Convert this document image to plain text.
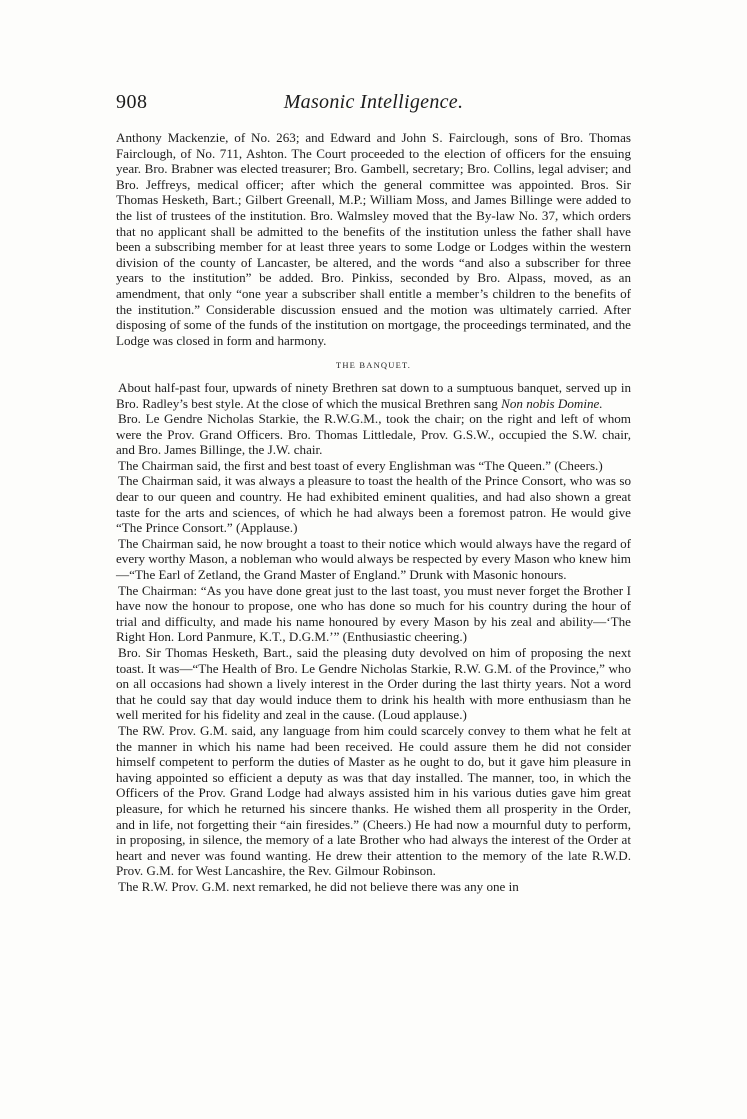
908	Masonic Intelligence.

Anthony Mackenzie, of No. 263; and Edward and John S. Fairclough, sons of Bro. Thomas Fairclough, of No. 711, Ashton. The Court proceeded to the election of officers for the ensuing year. Bro. Brabner was elected treasurer; Bro. Gambell, secretary; Bro. Collins, legal adviser; and Bro. Jeffreys, medical officer; after which the general committee was appointed. Bros. Sir Thomas Hesketh, Bart.; Gilbert Greenall, M.P.; William Moss, and James Billinge were added to the list of trustees of the institution. Bro. Walmsley moved that the By-law No. 37, which orders that no applicant shall be admitted to the benefits of the institution unless the father shall have been a subscribing member for at least three years to some Lodge or Lodges within the western division of the county of Lancaster, be altered, and the words “and also a subscriber for three years to the institution” be added. Bro. Pinkiss, seconded by Bro. Alpass, moved, as an amendment, that only “one year a subscriber shall entitle a member’s children to the benefits of the institution.” Considerable discussion ensued and the motion was ultimately carried. After disposing of some of the funds of the institution on mortgage, the proceedings terminated, and the Lodge was closed in form and harmony.

THE BANQUET.

About half-past four, upwards of ninety Brethren sat down to a sumptuous banquet, served up in Bro. Radley’s best style. At the close of which the musical Brethren sang Non nobis Domine.

Bro. Le Gendre Nicholas Starkie, the R.W.G.M., took the chair; on the right and left of whom were the Prov. Grand Officers. Bro. Thomas Littledale, Prov. G.S.W., occupied the S.W. chair, and Bro. James Billinge, the J.W. chair.

The Chairman said, the first and best toast of every Englishman was “The Queen.” (Cheers.)

The Chairman said, it was always a pleasure to toast the health of the Prince Consort, who was so dear to our queen and country. He had exhibited eminent qualities, and had also shown a great taste for the arts and sciences, of which he had always been a foremost patron. He would give “The Prince Consort.” (Applause.)

The Chairman said, he now brought a toast to their notice which would always have the regard of every worthy Mason, a nobleman who would always be respected by every Mason who knew him—“The Earl of Zetland, the Grand Master of England.” Drunk with Masonic honours.

The Chairman: “As you have done great just to the last toast, you must never forget the Brother I have now the honour to propose, one who has done so much for his country during the hour of trial and difficulty, and made his name honoured by every Mason by his zeal and ability—‘The Right Hon. Lord Panmure, K.T., D.G.M.’” (Enthusiastic cheering.)

Bro. Sir Thomas Hesketh, Bart., said the pleasing duty devolved on him of proposing the next toast. It was—“The Health of Bro. Le Gendre Nicholas Starkie, R.W. G.M. of the Province,” who on all occasions had shown a lively interest in the Order during the last thirty years. Not a word that he could say that day would induce them to drink his health with more enthusiasm than he well merited for his fidelity and zeal in the cause. (Loud applause.)

The RW. Prov. G.M. said, any language from him could scarcely convey to them what he felt at the manner in which his name had been received. He could assure them he did not consider himself competent to perform the duties of Master as he ought to do, but it gave him pleasure in having appointed so efficient a deputy as was that day installed. The manner, too, in which the Officers of the Prov. Grand Lodge had always assisted him in his various duties gave him great pleasure, for which he returned his sincere thanks. He wished them all prosperity in the Order, and in life, not forgetting their “ain firesides.” (Cheers.) He had now a mournful duty to perform, in proposing, in silence, the memory of a late Brother who had always the interest of the Order at heart and never was found wanting. He drew their attention to the memory of the late R.W.D. Prov. G.M. for West Lancashire, the Rev. Gilmour Robinson.

The R.W. Prov. G.M. next remarked, he did not believe there was any one in
